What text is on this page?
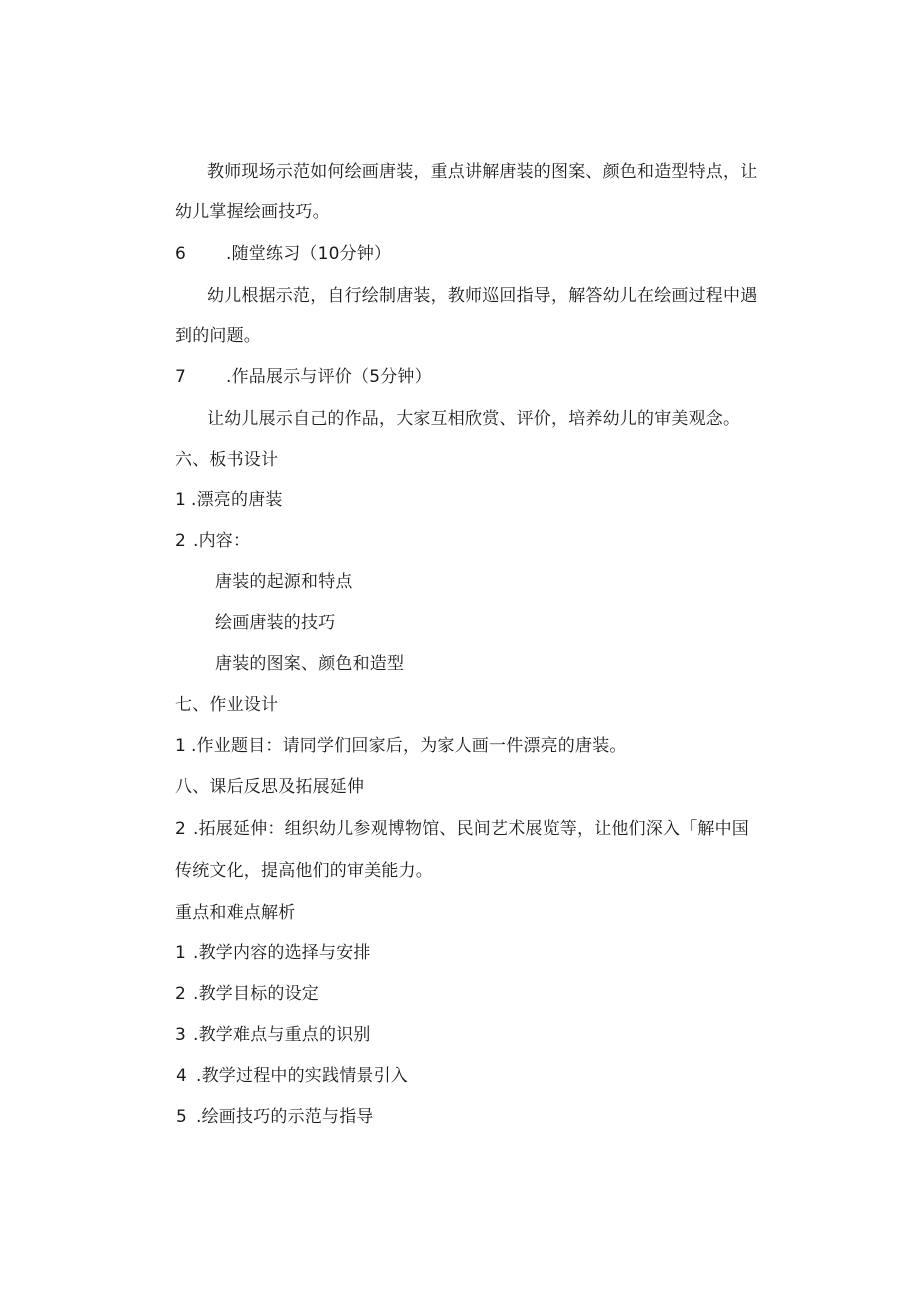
教师现场示范如何绘画唐装，重点讲解唐装的图案、颜色和造型特点，让
幼儿掌握绘画技巧。
6 .随堂练习（10分钟）
幼儿根据示范，自行绘制唐装，教师巡回指导，解答幼儿在绘画过程中遇
到的问题。
7 .作品展示与评价（5分钟）
让幼儿展示自己的作品，大家互相欣赏、评价，培养幼儿的审美观念。
六、板书设计
1 .漂亮的唐装
2 .内容：
唐装的起源和特点
绘画唐装的技巧
唐装的图案、颜色和造型
七、作业设计
1 .作业题目：请同学们回家后，为家人画一件漂亮的唐装。
八、课后反思及拓展延伸
2 .拓展延伸：组织幼儿参观博物馆、民间艺术展览等，让他们深入「解中国
传统文化，提高他们的审美能力。
重点和难点解析
1 .教学内容的选择与安排
2 .教学目标的设定
3 .教学难点与重点的识别
4 .教学过程中的实践情景引入
5 .绘画技巧的示范与指导
